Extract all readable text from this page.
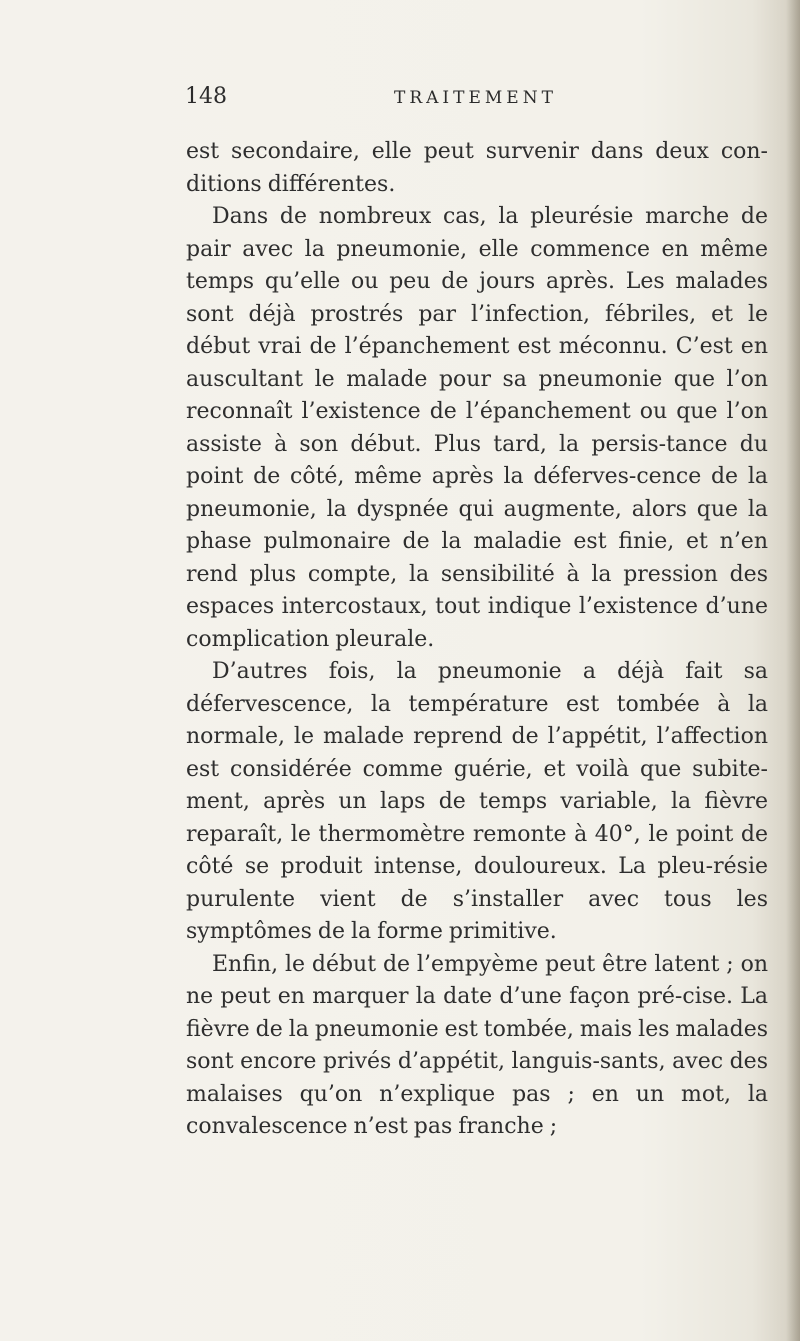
148	TRAITEMENT

est secondaire, elle peut survenir dans deux con-ditions différentes.

Dans de nombreux cas, la pleurésie marche de pair avec la pneumonie, elle commence en même temps qu’elle ou peu de jours après. Les malades sont déjà prostrés par l’infection, fébriles, et le début vrai de l’épanchement est méconnu. C’est en auscultant le malade pour sa pneumonie que l’on reconnaît l’existence de l’épanchement ou que l’on assiste à son début. Plus tard, la persis-tance du point de côté, même après la déferves-cence de la pneumonie, la dyspnée qui augmente, alors que la phase pulmonaire de la maladie est finie, et n’en rend plus compte, la sensibilité à la pression des espaces intercostaux, tout indique l’existence d’une complication pleurale.

D’autres fois, la pneumonie a déjà fait sa défervescence, la température est tombée à la normale, le malade reprend de l’appétit, l’affection est considérée comme guérie, et voilà que subite-ment, après un laps de temps variable, la fièvre reparaît, le thermomètre remonte à 40°, le point de côté se produit intense, douloureux. La pleu-résie purulente vient de s’installer avec tous les symptômes de la forme primitive.

Enfin, le début de l’empyème peut être latent ; on ne peut en marquer la date d’une façon pré-cise. La fièvre de la pneumonie est tombée, mais les malades sont encore privés d’appétit, languis-sants, avec des malaises qu’on n’explique pas ; en un mot, la convalescence n’est pas franche ;
